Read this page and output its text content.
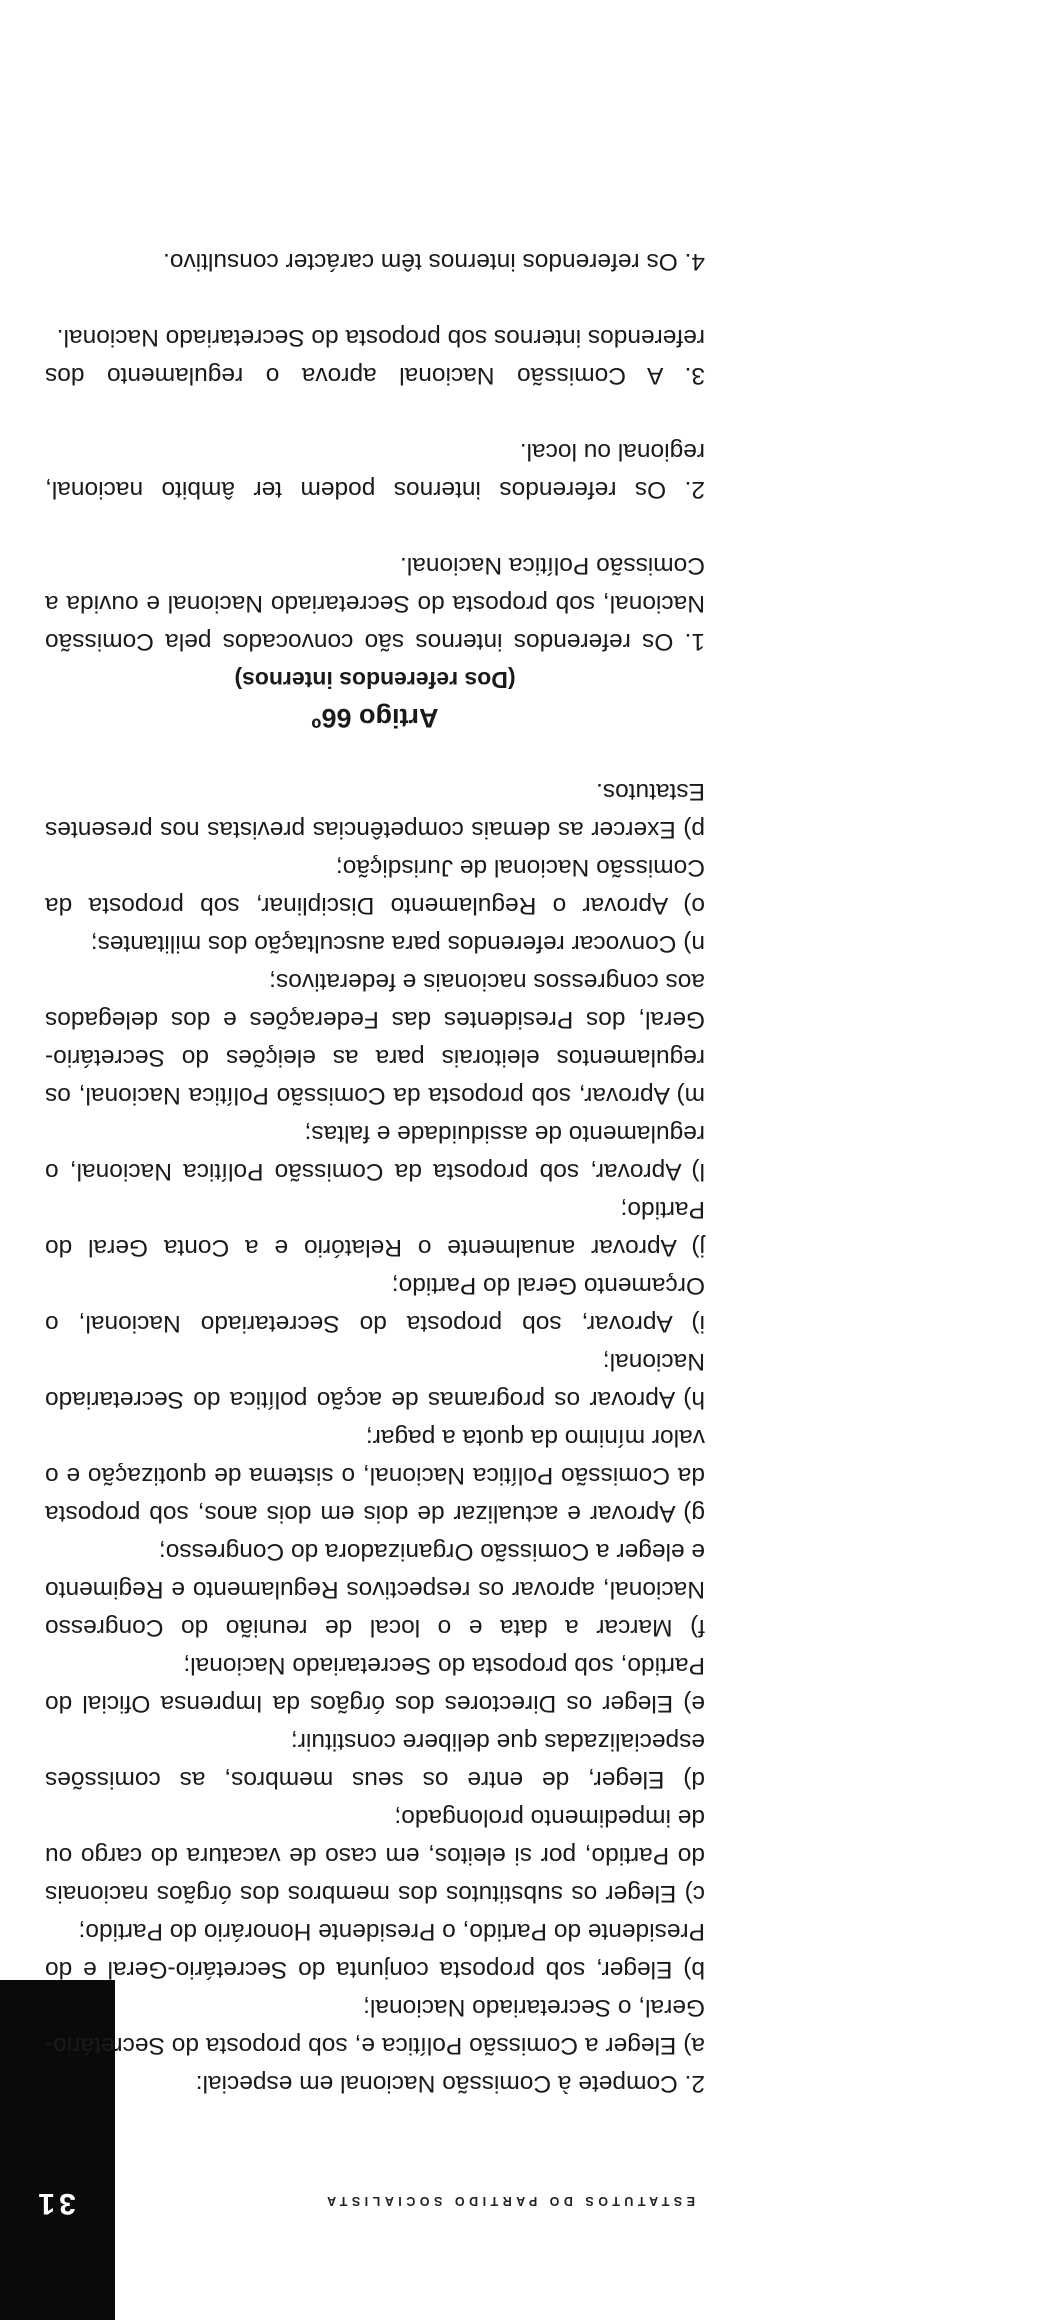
31	ESTATUTOS DO PARTIDO SOCIALISTA

2. Compete à Comissão Nacional em especial:

a) Eleger a Comissão Política e, sob proposta do Secretário-Geral, o Secretariado Nacional;

b) Eleger, sob proposta conjunta do Secretário-Geral e do Presidente do Partido, o Presidente Honorário do Partido;

c) Eleger os substitutos dos membros dos órgãos nacionais do Partido, por si eleitos, em caso de vacatura do cargo ou de impedimento prolongado;

d) Eleger, de entre os seus membros, as comissões especializadas que delibere constituir;

e) Eleger os Directores dos órgãos da Imprensa Oficial do Partido, sob proposta do Secretariado Nacional;

f) Marcar a data e o local de reunião do Congresso Nacional, aprovar os respectivos Regulamento e Regimento e eleger a Comissão Organizadora do Congresso;

g) Aprovar e actualizar de dois em dois anos, sob proposta da Comissão Política Nacional, o sistema de quotização e o valor mínimo da quota a pagar;

h) Aprovar os programas de acção política do Secretariado Nacional;

i) Aprovar, sob proposta do Secretariado Nacional, o Orçamento Geral do Partido;

j) Aprovar anualmente o Relatório e a Conta Geral do Partido;

l) Aprovar, sob proposta da Comissão Política Nacional, o regulamento de assiduidade e faltas;

m) Aprovar, sob proposta da Comissão Política Nacional, os regulamentos eleitorais para as eleições do Secretário-Geral, dos Presidentes das Federações e dos delegados aos congressos nacionais e federativos;

n) Convocar referendos para auscultação dos militantes;

o) Aprovar o Regulamento Disciplinar, sob proposta da Comissão Nacional de Jurisdição;

p) Exercer as demais competências previstas nos presentes Estatutos.

Artigo 66º
(Dos referendos internos)

1. Os referendos internos são convocados pela Comissão Nacional, sob proposta do Secretariado Nacional e ouvida a Comissão Política Nacional.

2. Os referendos internos podem ter âmbito nacional, regional ou local.

3. A Comissão Nacional aprova o regulamento dos referendos internos sob proposta do Secretariado Nacional.

4. Os referendos internos têm carácter consultivo.
